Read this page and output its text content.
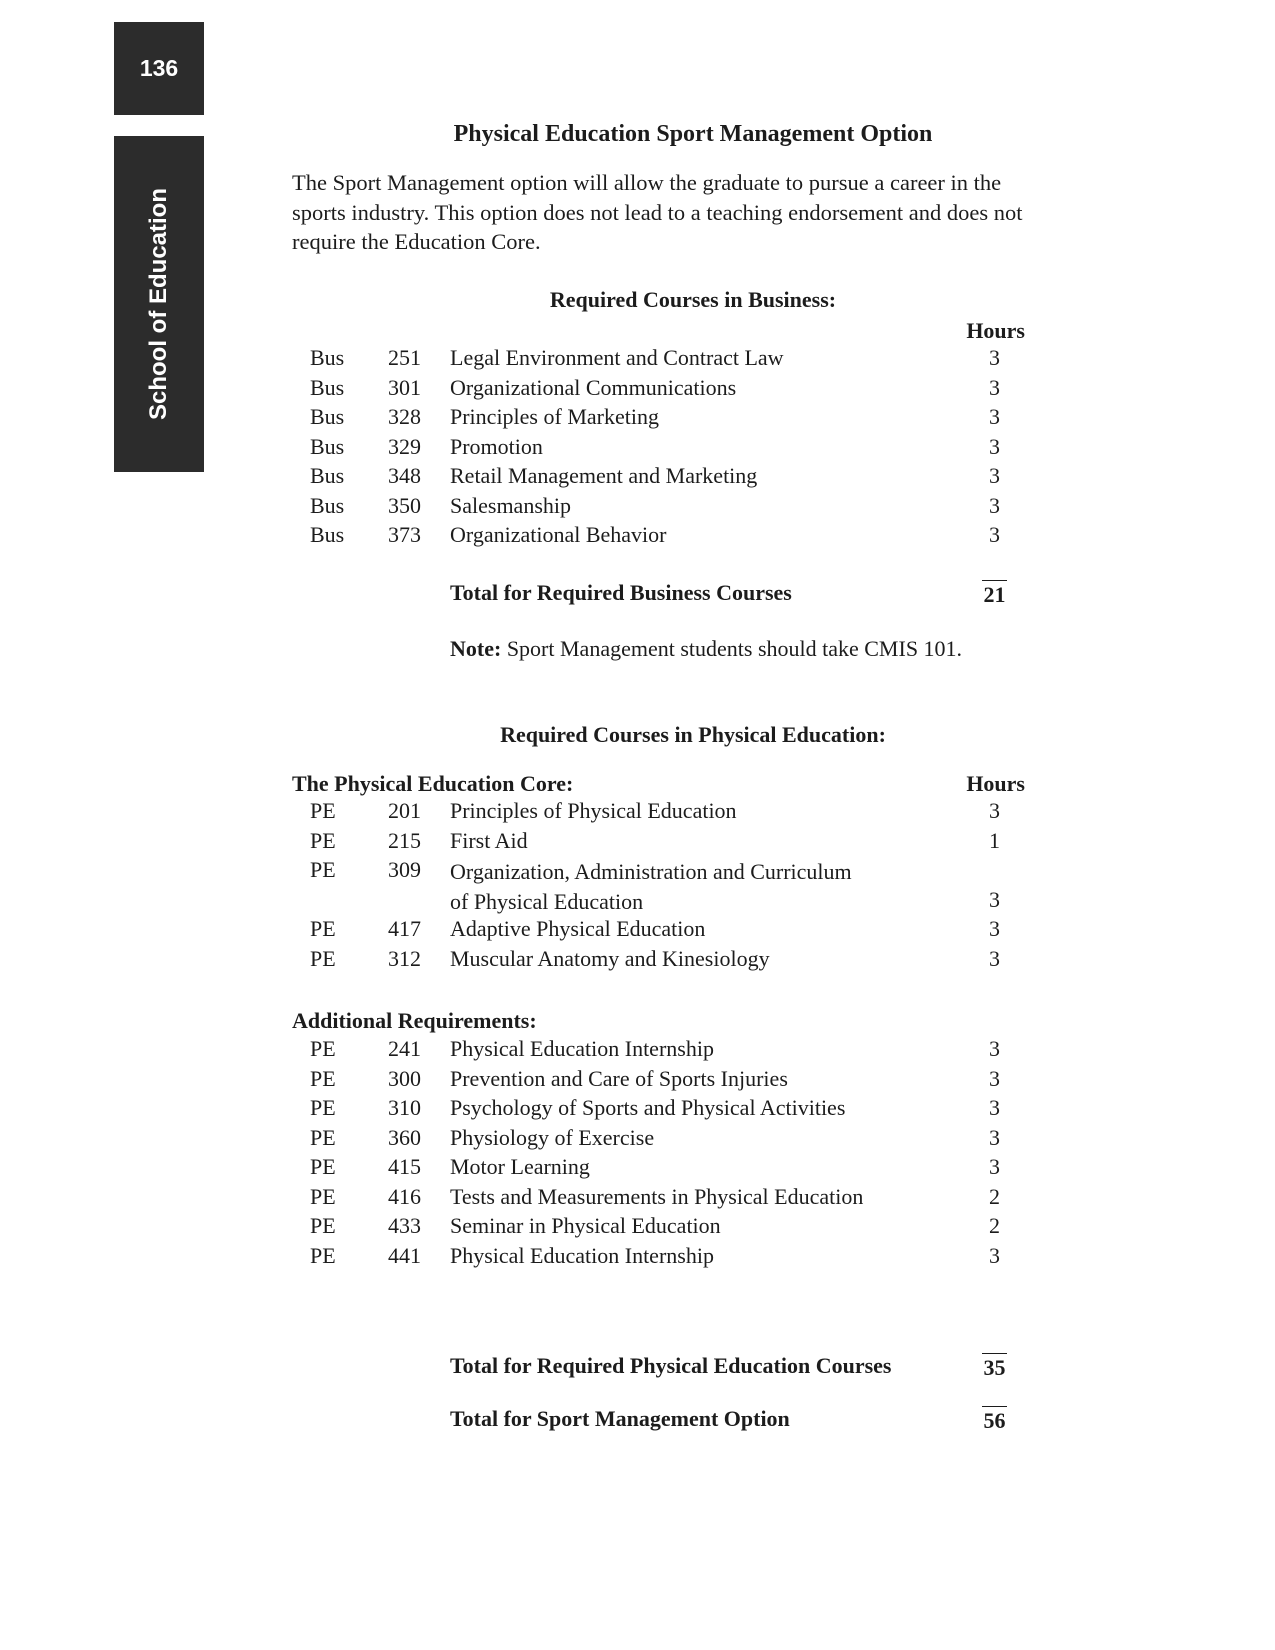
136
School of Education
Physical Education Sport Management Option
The Sport Management option will allow the graduate to pursue a career in the
sports industry. This option does not lead to a teaching endorsement and does not
require the Education Core.
Required Courses in Business:
Hours
Bus 251 Legal Environment and Contract Law	3
Bus 301 Organizational Communications	3
Bus 328 Principles of Marketing	3
Bus 329 Promotion	3
Bus 348 Retail Management and Marketing	3
Bus 350 Salesmanship	3
Bus 373 Organizational Behavior	3
Total for Required Business Courses	21
Note: Sport Management students should take CMIS 101.
Required Courses in Physical Education:
The Physical Education Core:	Hours
PE 201 Principles of Physical Education	3
PE 215 First Aid	1
PE 309 Organization, Administration and Curriculum
of Physical Education	3
PE 417 Adaptive Physical Education	3
PE 312 Muscular Anatomy and Kinesiology	3
Additional Requirements:
PE 241 Physical Education Internship	3
PE 300 Prevention and Care of Sports Injuries	3
PE 310 Psychology of Sports and Physical Activities	3
PE 360 Physiology of Exercise	3
PE 415 Motor Learning	3
PE 416 Tests and Measurements in Physical Education	2
PE 433 Seminar in Physical Education	2
PE 441 Physical Education Internship	3
Total for Required Physical Education Courses	35
Total for Sport Management Option	56
